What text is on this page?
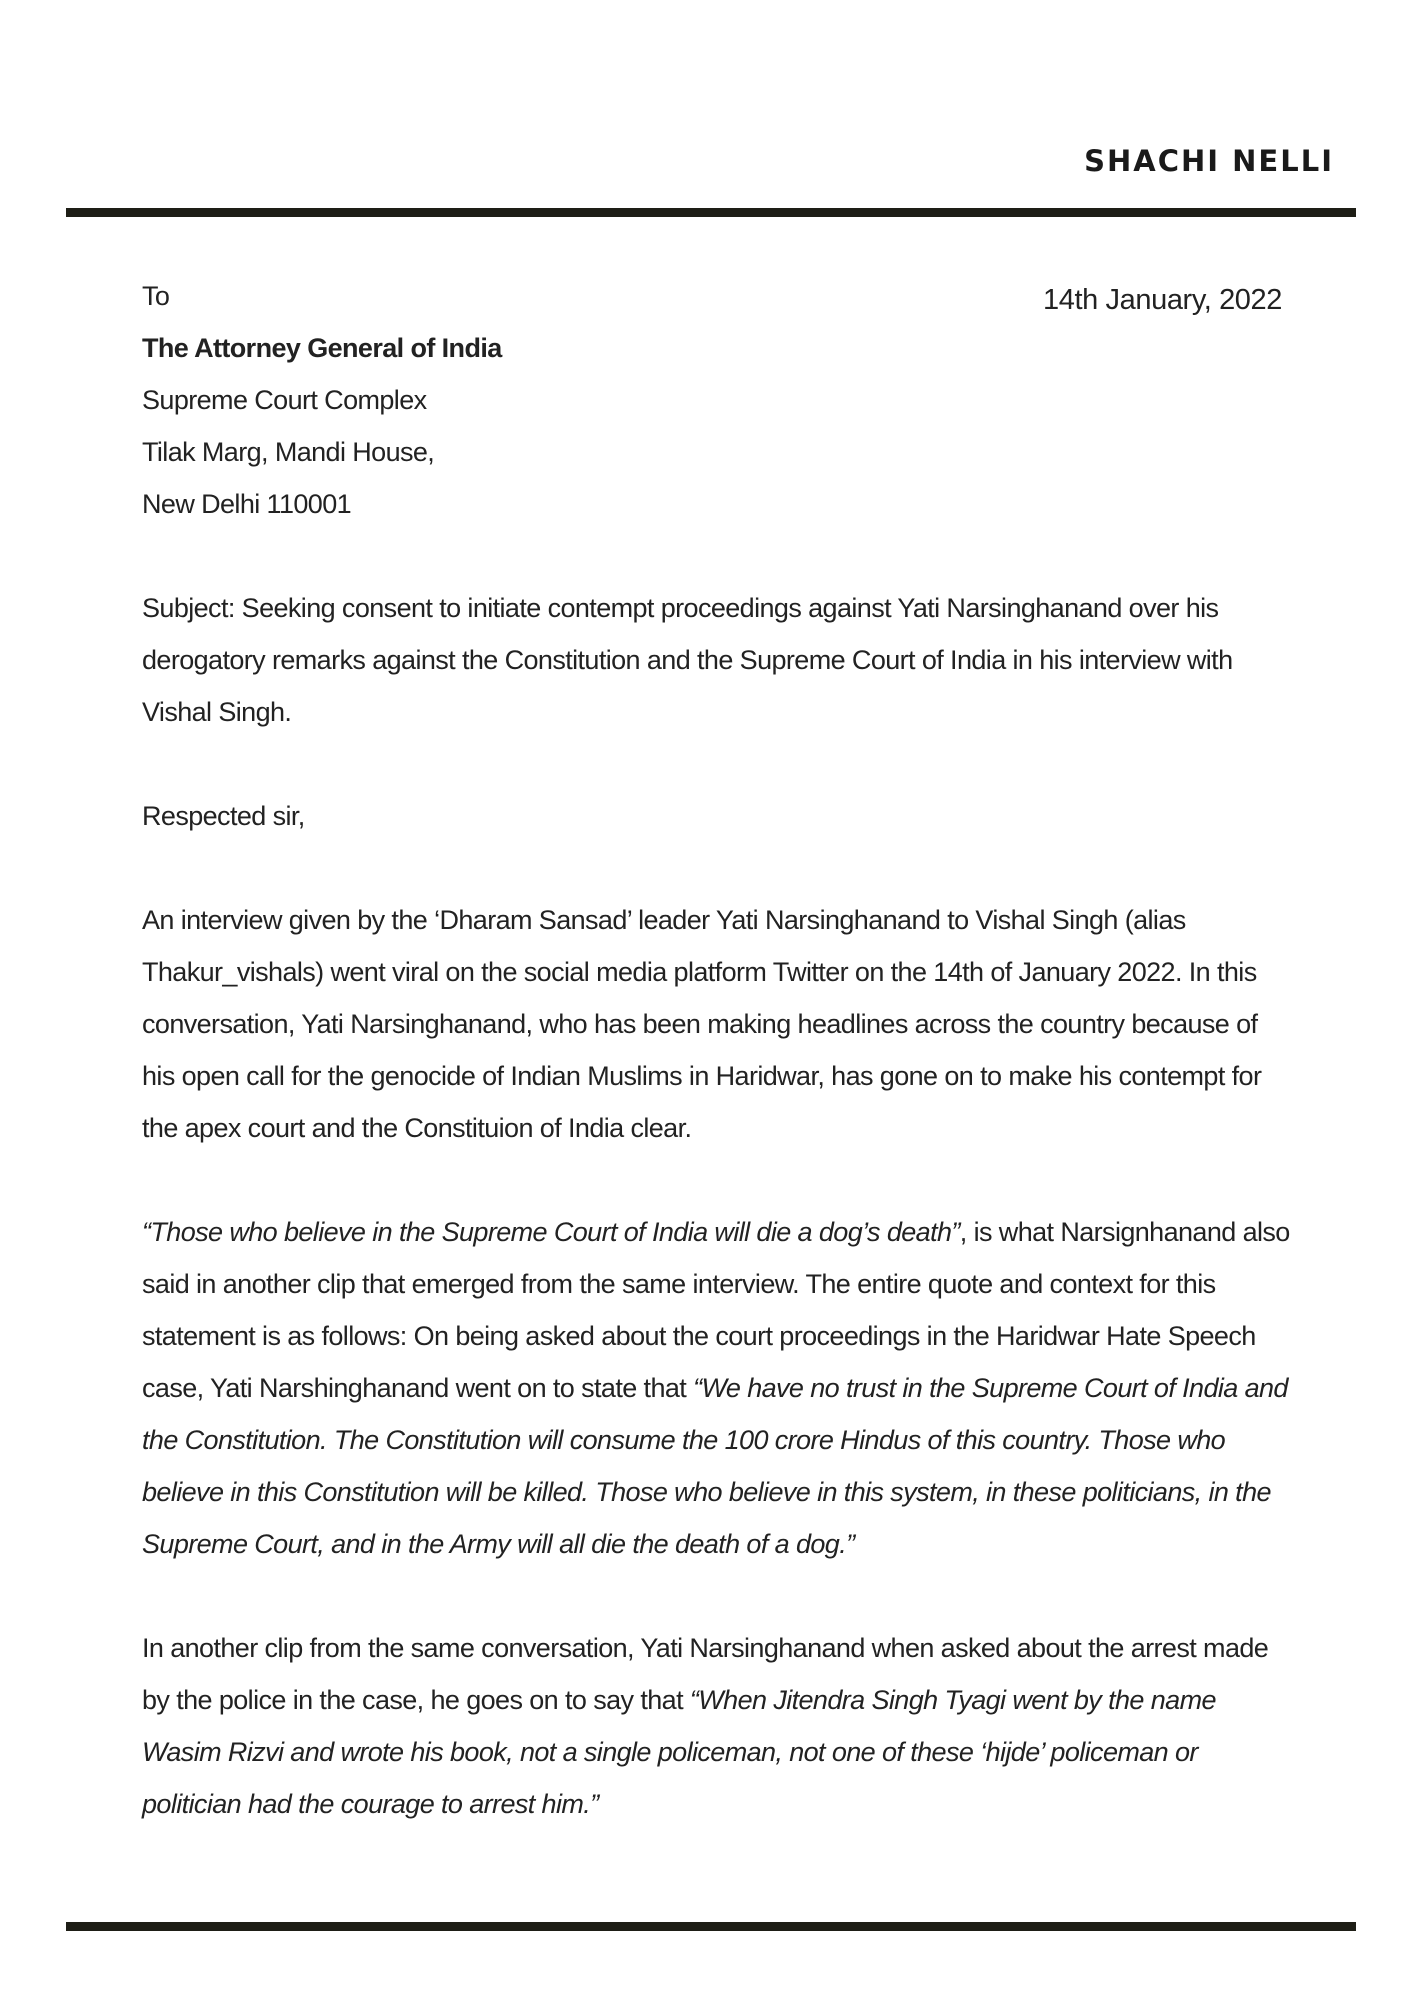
SHACHI NELLI
14th January, 2022
To
The Attorney General of India
Supreme Court Complex
Tilak Marg, Mandi House,
New Delhi 110001

Subject: Seeking consent to initiate contempt proceedings against Yati Narsinghanand over his derogatory remarks against the Constitution and the Supreme Court of India in his interview with Vishal Singh.

Respected sir,

An interview given by the ‘Dharam Sansad’ leader Yati Narsinghanand to Vishal Singh (alias Thakur_vishals) went viral on the social media platform Twitter on the 14th of January 2022. In this conversation, Yati Narsinghanand, who has been making headlines across the country because of his open call for the genocide of Indian Muslims in Haridwar, has gone on to make his contempt for the apex court and the Constituion of India clear.

“Those who believe in the Supreme Court of India will die a dog’s death”, is what Narsignhanand also said in another clip that emerged from the same interview. The entire quote and context for this statement is as follows: On being asked about the court proceedings in the Haridwar Hate Speech case, Yati Narshinghanand went on to state that “We have no trust in the Supreme Court of India and the Constitution. The Constitution will consume the 100 crore Hindus of this country. Those who believe in this Constitution will be killed. Those who believe in this system, in these politicians, in the Supreme Court, and in the Army will all die the death of a dog.”

In another clip from the same conversation, Yati Narsinghanand when asked about the arrest made by the police in the case, he goes on to say that “When Jitendra Singh Tyagi went by the name Wasim Rizvi and wrote his book, not a single policeman, not one of these ‘hijde’ policeman or politician had the courage to arrest him.”
